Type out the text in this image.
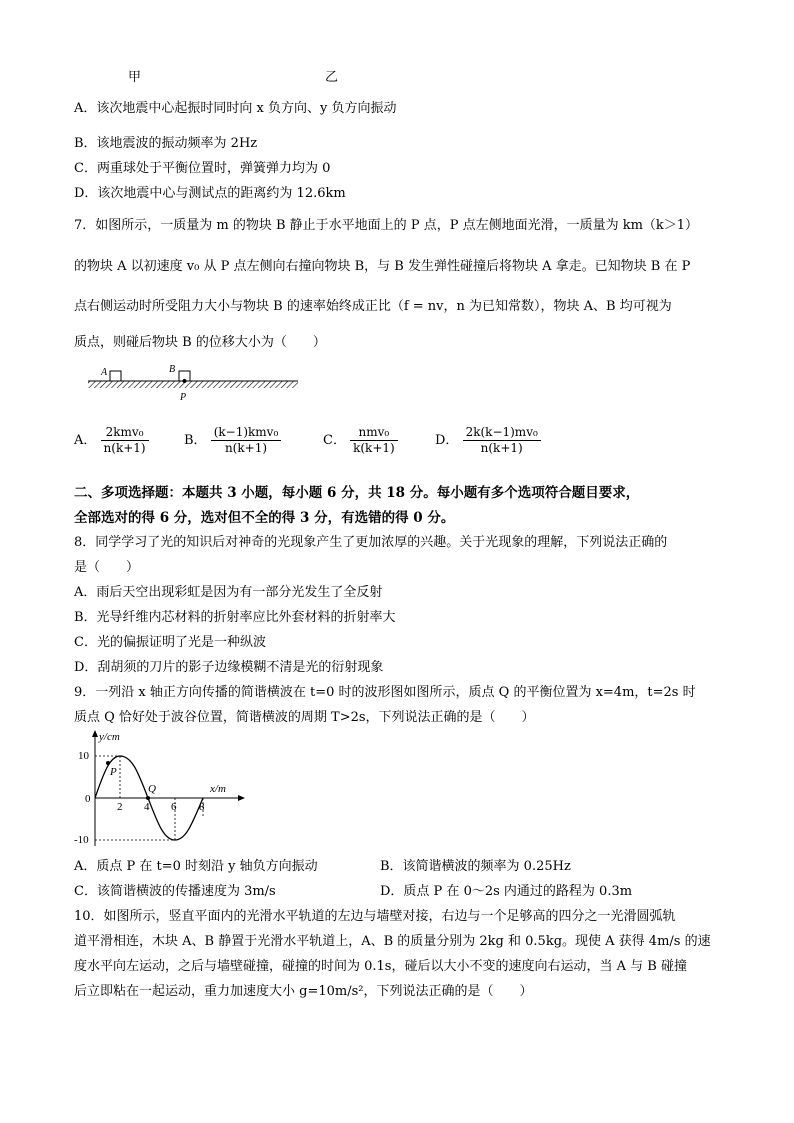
甲	乙
A．该次地震中心起振时同时向 x 负方向、y 负方向振动
B．该地震波的振动频率为 2Hz
C．两重球处于平衡位置时，弹簧弹力均为 0
D．该次地震中心与测试点的距离约为 12.6km
7．如图所示，一质量为 m 的物块 B 静止于水平地面上的 P 点，P 点左侧地面光滑，一质量为 km（k＞1）
的物块 A 以初速度 v₀ 从 P 点左侧向右撞向物块 B，与 B 发生弹性碰撞后将物块 A 拿走。已知物块 B 在 P
点右侧运动时所受阻力大小与物块 B 的速率始终成正比（f = nv，n 为已知常数），物块 A、B 均可视为
质点，则碰后物块 B 的位移大小为（　　）
A	B
P
A． $\frac{\text{2kmv₀}}{n(k+1)}$	B． $\frac{\text{(k−1)kmv₀}}{n(k+1)}$	C． $\frac{\text{nmv₀}}{k(k+1)}$	D． $\frac{\text{2k(k−1)mv₀}}{n(k+1)}$
二、多项选择题：本题共 3 小题，每小题 6 分，共 18 分。每小题有多个选项符合题目要求，
全部选对的得 6 分，选对但不全的得 3 分，有选错的得 0 分。
8．同学学习了光的知识后对神奇的光现象产生了更加浓厚的兴趣。关于光现象的理解，下列说法正确的
是（　　）
A．雨后天空出现彩虹是因为有一部分光发生了全反射
B．光导纤维内芯材料的折射率应比外套材料的折射率大
C．光的偏振证明了光是一种纵波
D．刮胡须的刀片的影子边缘模糊不清是光的衍射现象
9．一列沿 x 轴正方向传播的简谐横波在 t=0 时的波形图如图所示，质点 Q 的平衡位置为 x=4m，t=2s 时
质点 Q 恰好处于波谷位置，简谐横波的周期 T>2s，下列说法正确的是（　　）
y/cm
x/m
10
0
-10
2 4 6 8
P
Q
A．质点 P 在 t=0 时刻沿 y 轴负方向振动	B．该简谐横波的频率为 0.25Hz
C．该简谐横波的传播速度为 3m/s	D．质点 P 在 0～2s 内通过的路程为 0.3m
10．如图所示，竖直平面内的光滑水平轨道的左边与墙壁对接，右边与一个足够高的四分之一光滑圆弧轨
道平滑相连，木块 A、B 静置于光滑水平轨道上，A、B 的质量分别为 2kg 和 0.5kg。现使 A 获得 4m/s 的速
度水平向左运动，之后与墙壁碰撞，碰撞的时间为 0.1s，碰后以大小不变的速度向右运动，当 A 与 B 碰撞
后立即粘在一起运动，重力加速度大小 g=10m/s²，下列说法正确的是（　　）
